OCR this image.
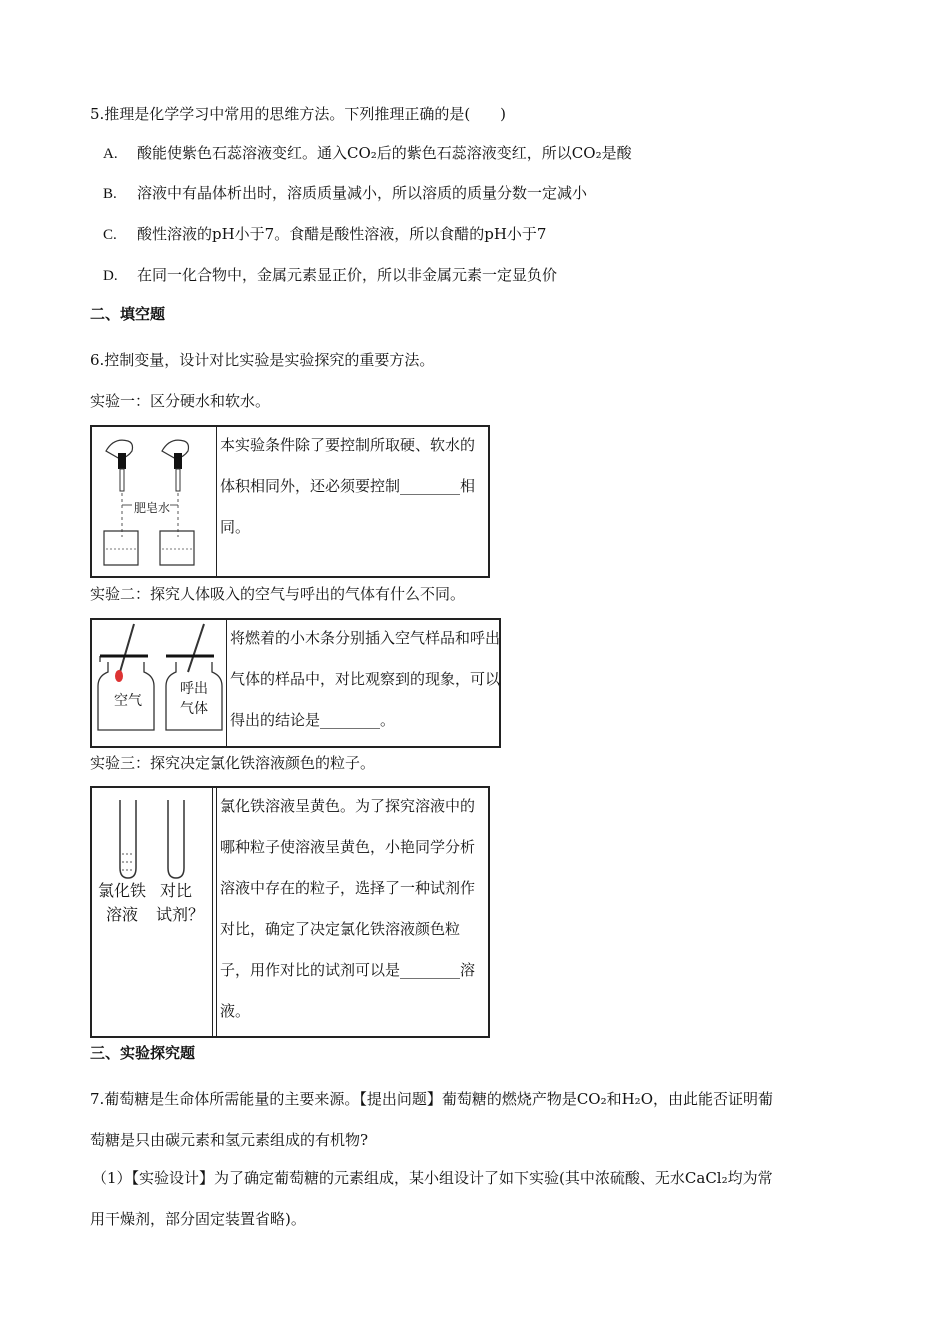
5.推理是化学学习中常用的思维方法。下列推理正确的是(　　)
A. 酸能使紫色石蕊溶液变红。通入CO₂后的紫色石蕊溶液变红，所以CO₂是酸
B. 溶液中有晶体析出时，溶质质量减小，所以溶质的质量分数一定减小
C. 酸性溶液的pH小于7。食醋是酸性溶液，所以食醋的pH小于7
D. 在同一化合物中，金属元素显正价，所以非金属元素一定显负价
二、填空题
6.控制变量，设计对比实验是实验探究的重要方法。
实验一：区分硬水和软水。
肥皂水
本实验条件除了要控制所取硬、软水的体积相同外，还必须要控制________相同。
实验二：探究人体吸入的空气与呼出的气体有什么不同。
空气
呼出
气体
将燃着的小木条分别插入空气样品和呼出气体的样品中，对比观察到的现象，可以得出的结论是________。
实验三：探究决定氯化铁溶液颜色的粒子。
氯化铁
溶液
对比
试剂？
氯化铁溶液呈黄色。为了探究溶液中的哪种粒子使溶液呈黄色，小艳同学分析溶液中存在的粒子，选择了一种试剂作对比，确定了决定氯化铁溶液颜色粒子，用作对比的试剂可以是________溶液。
三、实验探究题
7.葡萄糖是生命体所需能量的主要来源。【提出问题】葡萄糖的燃烧产物是CO₂和H₂O，由此能否证明葡
萄糖是只由碳元素和氢元素组成的有机物?
（1）【实验设计】为了确定葡萄糖的元素组成，某小组设计了如下实验(其中浓硫酸、无水CaCl₂均为常
用干燥剂，部分固定装置省略)。
